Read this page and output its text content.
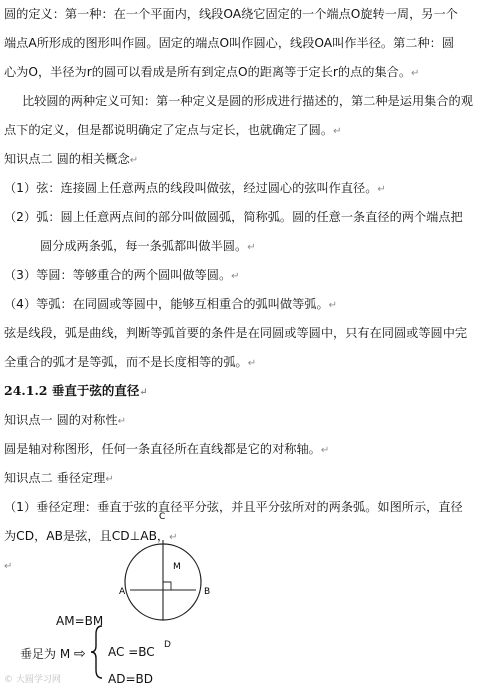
圆的定义：第一种：在一个平面内，线段OA绕它固定的一个端点O旋转一周，另一个
端点A所形成的图形叫作圆。固定的端点O叫作圆心，线段OA叫作半径。第二种：圆
心为O，半径为r的圆可以看成是所有到定点O的距离等于定长r的点的集合。↵
比较圆的两种定义可知：第一种定义是圆的形成进行描述的，第二种是运用集合的观
点下的定义，但是都说明确定了定点与定长，也就确定了圆。↵
知识点二 圆的相关概念↵
（1）弦：连接圆上任意两点的线段叫做弦，经过圆心的弦叫作直径。↵
（2）弧：圆上任意两点间的部分叫做圆弧，简称弧。圆的任意一条直径的两个端点把
圆分成两条弧，每一条弧都叫做半圆。↵
（3）等圆：等够重合的两个圆叫做等圆。↵
（4）等弧：在同圆或等圆中，能够互相重合的弧叫做等弧。↵
弦是线段，弧是曲线，判断等弧首要的条件是在同圆或等圆中，只有在同圆或等圆中完
全重合的弧才是等弧，而不是长度相等的弧。↵
24.1.2 垂直于弦的直径↵
知识点一 圆的对称性↵
圆是轴对称图形，任何一条直径所在直线都是它的对称轴。↵
知识点二 垂径定理↵
（1）垂径定理：垂直于弦的直径平分弦，并且平分弦所对的两条弧。如图所示，直径
为CD，AB是弦，且CD⊥AB，↵
↵
C
M
A	B
AM=BM
垂足为 M ⇨ AC =BC D
AD=BD
© 大圆学习网
